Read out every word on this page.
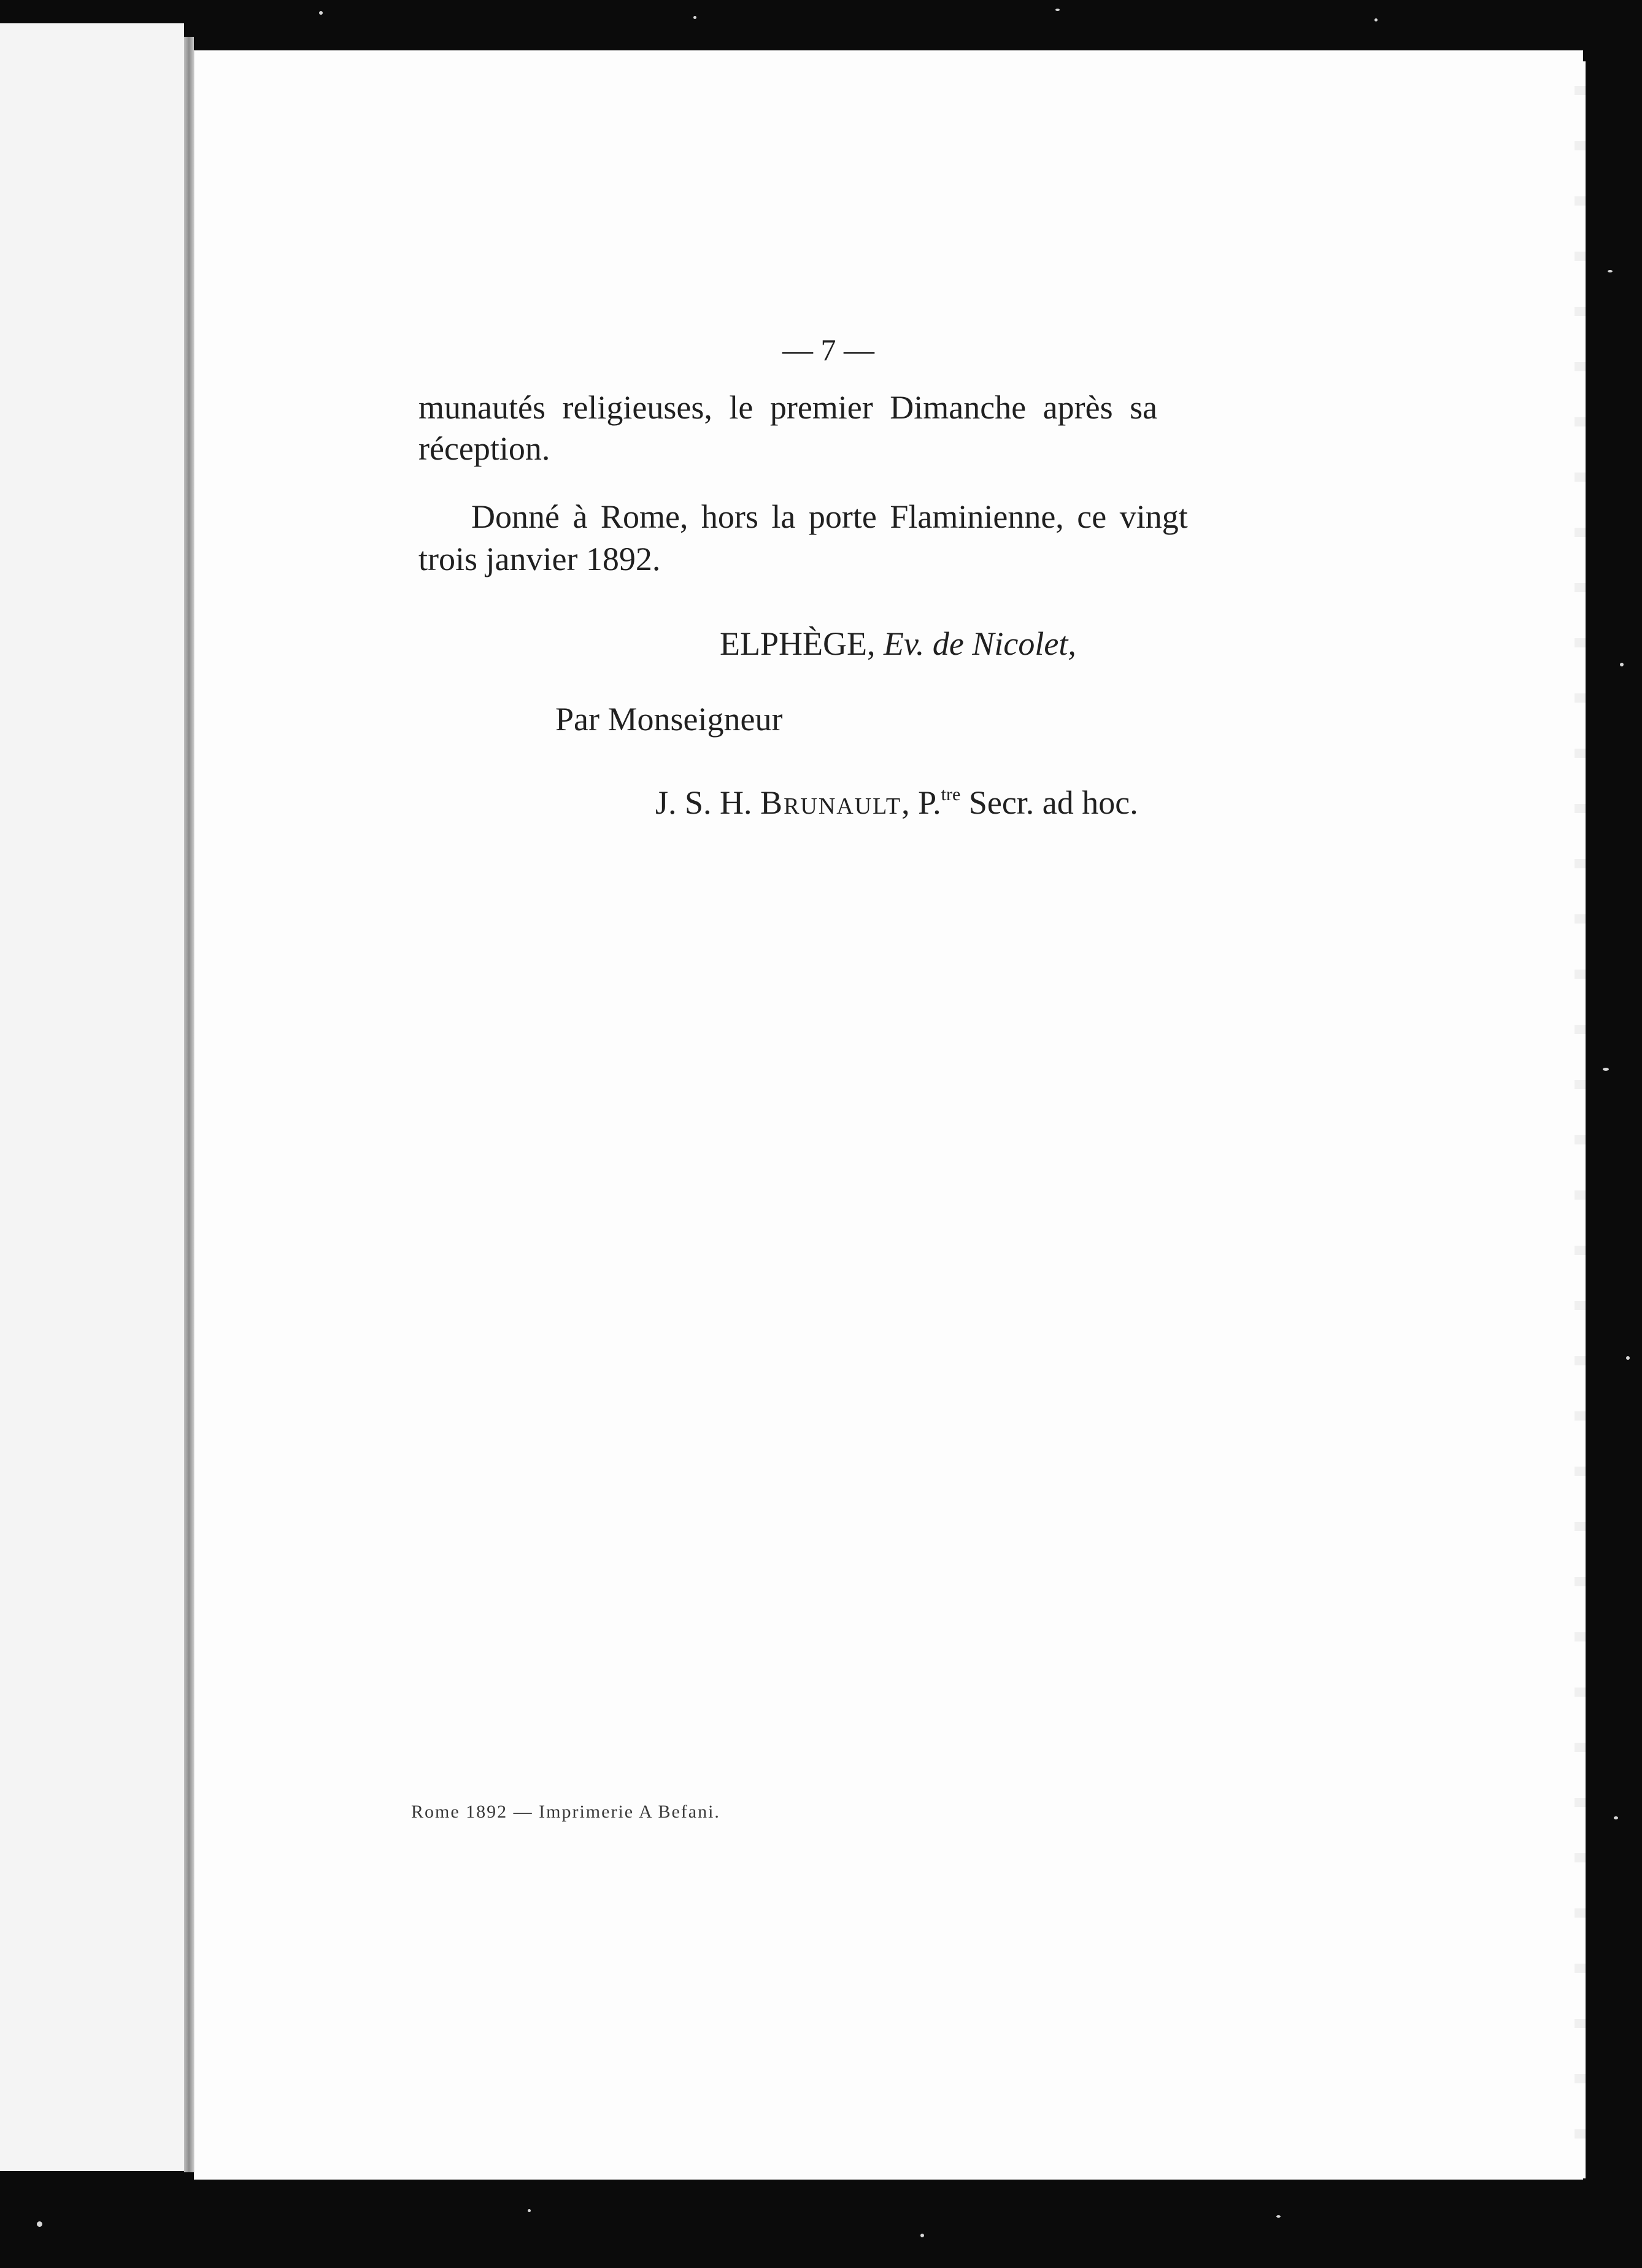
— 7 —
munautés religieuses, le premier Dimanche après sa
réception.
Donné à Rome, hors la porte Flaminienne, ce vingt
trois janvier 1892.
ELPHÈGE, Ev. de Nicolet,
Par Monseigneur
J. S. H. Brunault, P.$^{tre}$ Secr. ad hoc.
Rome 1892 — Imprimerie A Befani.
